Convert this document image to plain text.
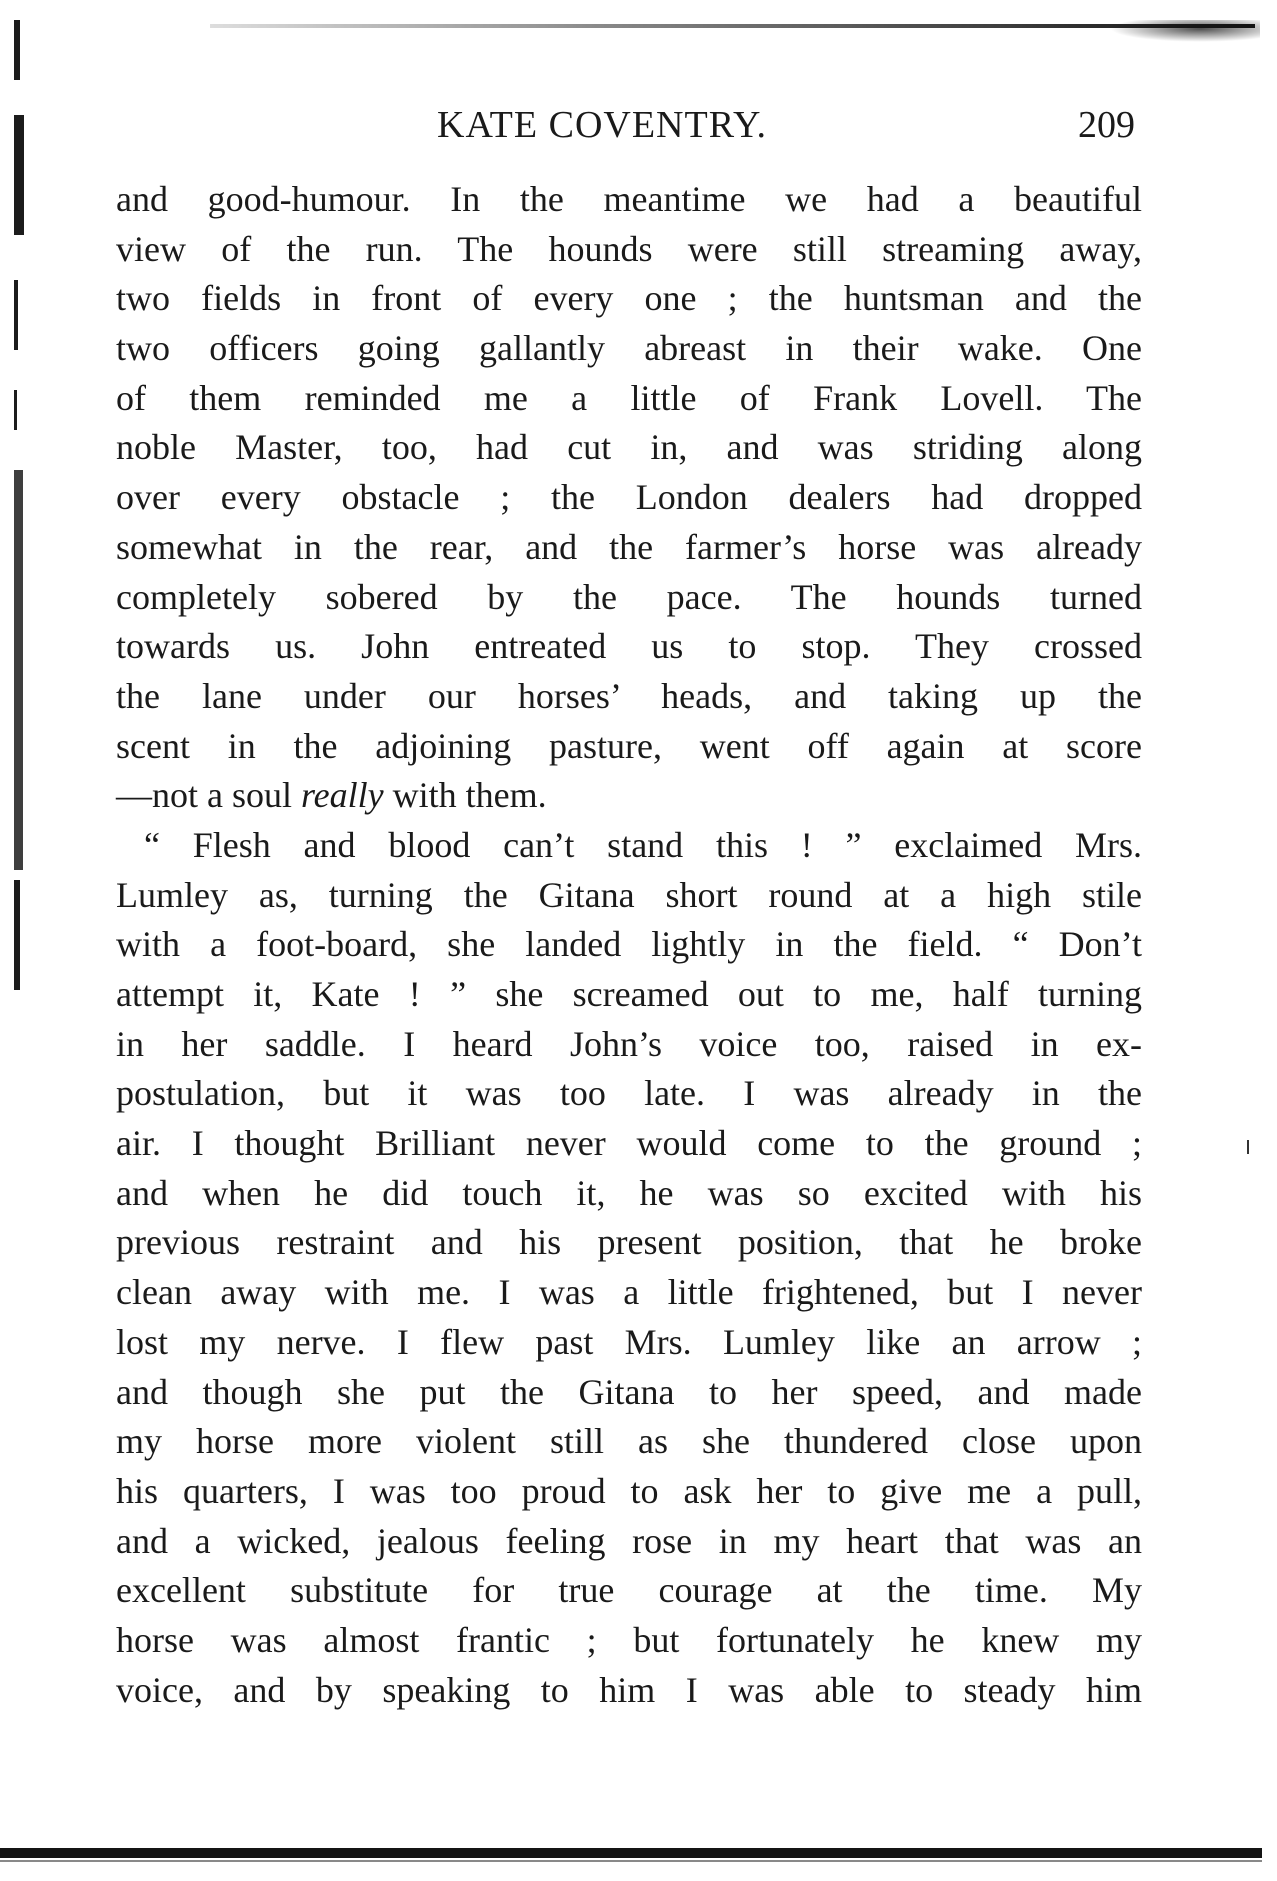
KATE COVENTRY.	209
and good-humour. In the meantime we had a beautiful
view of the run. The hounds were still streaming away,
two fields in front of every one ; the huntsman and the
two officers going gallantly abreast in their wake. One
of them reminded me a little of Frank Lovell. The
noble Master, too, had cut in, and was striding along
over every obstacle ; the London dealers had dropped
somewhat in the rear, and the farmer’s horse was already
completely sobered by the pace. The hounds turned
towards us. John entreated us to stop. They crossed
the lane under our horses’ heads, and taking up the
scent in the adjoining pasture, went off again at score
—not a soul really with them.
“ Flesh and blood can’t stand this ! ” exclaimed Mrs.
Lumley as, turning the Gitana short round at a high stile
with a foot-board, she landed lightly in the field. “ Don’t
attempt it, Kate ! ” she screamed out to me, half turning
in her saddle. I heard John’s voice too, raised in ex-
postulation, but it was too late. I was already in the
air. I thought Brilliant never would come to the ground ;
and when he did touch it, he was so excited with his
previous restraint and his present position, that he broke
clean away with me. I was a little frightened, but I never
lost my nerve. I flew past Mrs. Lumley like an arrow ;
and though she put the Gitana to her speed, and made
my horse more violent still as she thundered close upon
his quarters, I was too proud to ask her to give me a pull,
and a wicked, jealous feeling rose in my heart that was an
excellent substitute for true courage at the time. My
horse was almost frantic ; but fortunately he knew my
voice, and by speaking to him I was able to steady him
